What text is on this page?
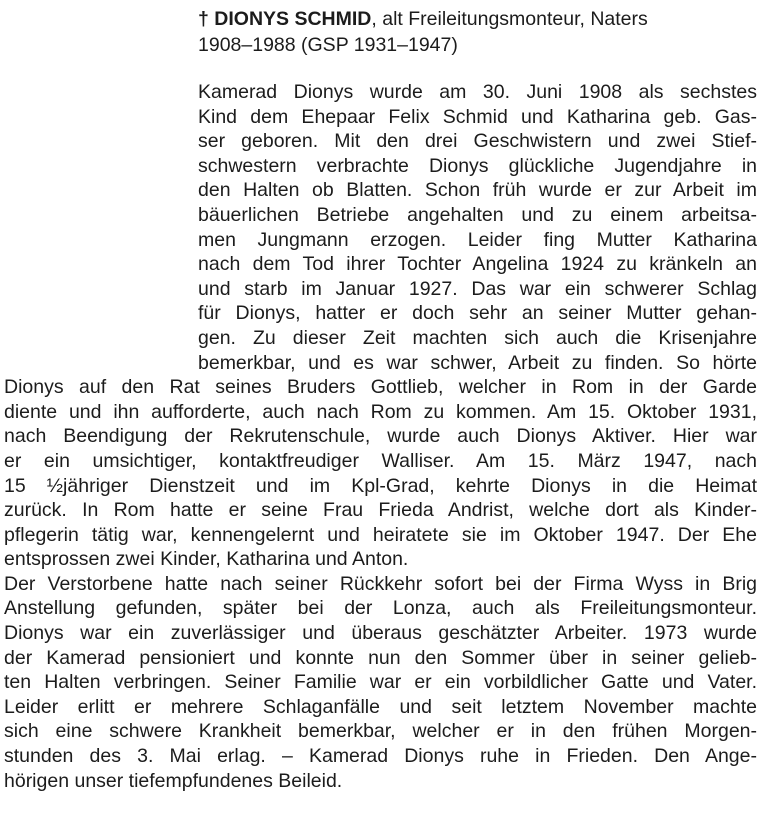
† DIONYS SCHMID, alt Freileitungsmonteur, Naters
1908–1988 (GSP 1931–1947)
Kamerad Dionys wurde am 30. Juni 1908 als sechstes
Kind dem Ehepaar Felix Schmid und Katharina geb. Gas-
ser geboren. Mit den drei Geschwistern und zwei Stief-
schwestern verbrachte Dionys glückliche Jugendjahre in
den Halten ob Blatten. Schon früh wurde er zur Arbeit im
bäuerlichen Betriebe angehalten und zu einem arbeitsa-
men Jungmann erzogen. Leider fing Mutter Katharina
nach dem Tod ihrer Tochter Angelina 1924 zu kränkeln an
und starb im Januar 1927. Das war ein schwerer Schlag
für Dionys, hatter er doch sehr an seiner Mutter gehan-
gen. Zu dieser Zeit machten sich auch die Krisenjahre
bemerkbar, und es war schwer, Arbeit zu finden. So hörte
Dionys auf den Rat seines Bruders Gottlieb, welcher in Rom in der Garde
diente und ihn aufforderte, auch nach Rom zu kommen. Am 15. Oktober 1931,
nach Beendigung der Rekrutenschule, wurde auch Dionys Aktiver. Hier war
er ein umsichtiger, kontaktfreudiger Walliser. Am 15. März 1947, nach
15 ½jähriger Dienstzeit und im Kpl-Grad, kehrte Dionys in die Heimat
zurück. In Rom hatte er seine Frau Frieda Andrist, welche dort als Kinder-
pflegerin tätig war, kennengelernt und heiratete sie im Oktober 1947. Der Ehe
entsprossen zwei Kinder, Katharina und Anton.
Der Verstorbene hatte nach seiner Rückkehr sofort bei der Firma Wyss in Brig
Anstellung gefunden, später bei der Lonza, auch als Freileitungsmonteur.
Dionys war ein zuverlässiger und überaus geschätzter Arbeiter. 1973 wurde
der Kamerad pensioniert und konnte nun den Sommer über in seiner gelieb-
ten Halten verbringen. Seiner Familie war er ein vorbildlicher Gatte und Vater.
Leider erlitt er mehrere Schlaganfälle und seit letztem November machte
sich eine schwere Krankheit bemerkbar, welcher er in den frühen Morgen-
stunden des 3. Mai erlag. – Kamerad Dionys ruhe in Frieden. Den Ange-
hörigen unser tiefempfundenes Beileid.
